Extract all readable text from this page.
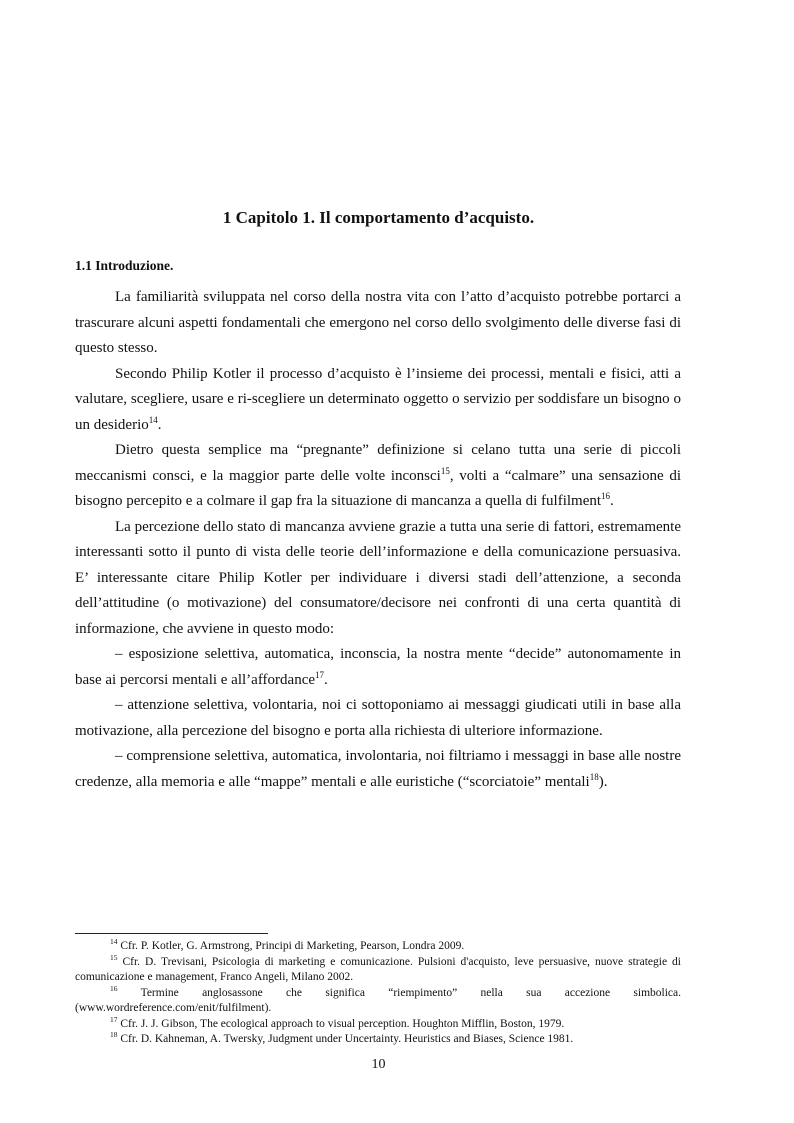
1 Capitolo 1. Il comportamento d’acquisto.
1.1 Introduzione.

La familiarità sviluppata nel corso della nostra vita con l’atto d’acquisto potrebbe portarci a trascurare alcuni aspetti fondamentali che emergono nel corso dello svolgimento delle diverse fasi di questo stesso.

Secondo Philip Kotler il processo d’acquisto è l’insieme dei processi, mentali e fisici, atti a valutare, scegliere, usare e ri-scegliere un determinato oggetto o servizio per soddisfare un bisogno o un desiderio$^{14}$.

Dietro questa semplice ma “pregnante” definizione si celano tutta una serie di piccoli meccanismi consci, e la maggior parte delle volte inconsci$^{15}$, volti a “calmare” una sensazione di bisogno percepito e a colmare il gap fra la situazione di mancanza a quella di fulfilment$^{16}$.

La percezione dello stato di mancanza avviene grazie a tutta una serie di fattori, estremamente interessanti sotto il punto di vista delle teorie dell’informazione e della comunicazione persuasiva. E’ interessante citare Philip Kotler per individuare i diversi stadi dell’attenzione, a seconda dell’attitudine (o motivazione) del consumatore/decisore nei confronti di una certa quantità di informazione, che avviene in questo modo:

– esposizione selettiva, automatica, inconscia, la nostra mente “decide” autonomamente in base ai percorsi mentali e all’affordance$^{17}$.

– attenzione selettiva, volontaria, noi ci sottoponiamo ai messaggi giudicati utili in base alla motivazione, alla percezione del bisogno e porta alla richiesta di ulteriore informazione.

– comprensione selettiva, automatica, involontaria, noi filtriamo i messaggi in base alle nostre credenze, alla memoria e alle “mappe” mentali e alle euristiche (“scorciatoie” mentali$^{18}$).

$^{14}$ Cfr. P. Kotler, G. Armstrong, Principi di Marketing, Pearson, Londra 2009.

$^{15}$ Cfr. D. Trevisani, Psicologia di marketing e comunicazione. Pulsioni d'acquisto, leve persuasive, nuove strategie di comunicazione e management, Franco Angeli, Milano 2002.

$^{16}$ Termine anglosassone che significa “riempimento” nella sua accezione simbolica. (www.wordreference.com/enit/fulfilment).

$^{17}$ Cfr. J. J. Gibson, The ecological approach to visual perception. Houghton Mifflin, Boston, 1979.

$^{18}$ Cfr. D. Kahneman, A. Twersky, Judgment under Uncertainty. Heuristics and Biases, Science 1981.

10
